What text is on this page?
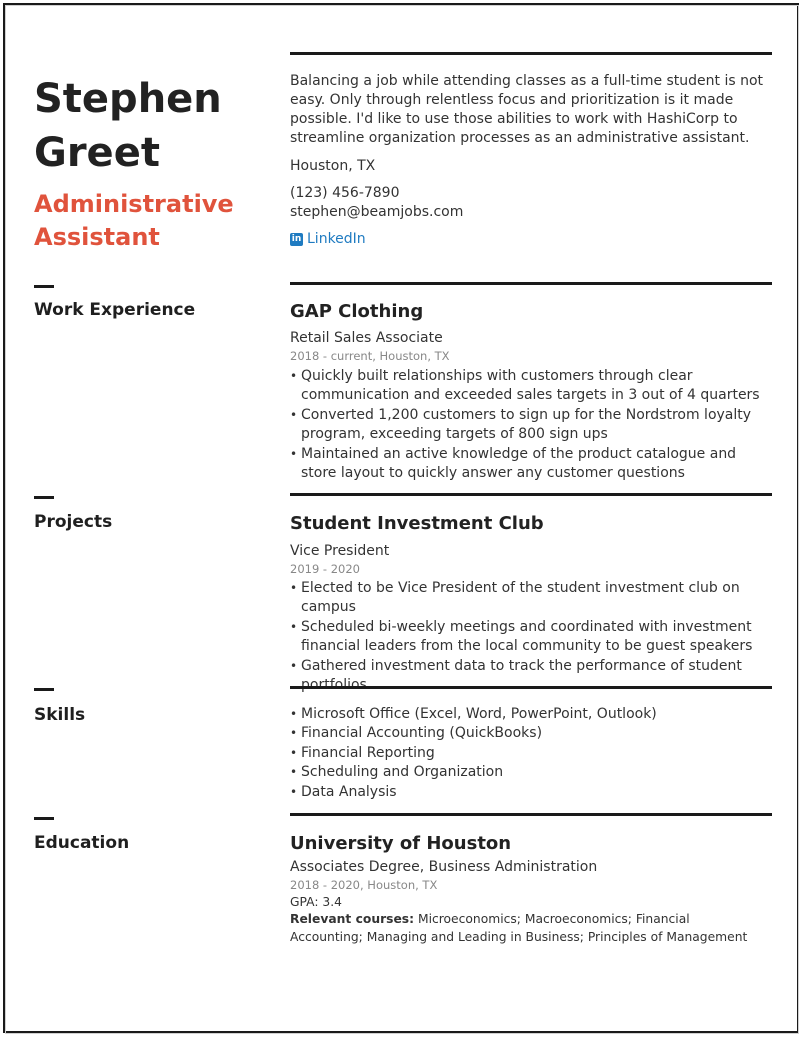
Stephen
Greet
Administrative
Assistant
Balancing a job while attending classes as a full-time student is not easy. Only through relentless focus and prioritization is it made possible. I'd like to use those abilities to work with HashiCorp to streamline organization processes as an administrative assistant.
Houston, TX
(123) 456-7890
stephen@beamjobs.com
in LinkedIn
Work Experience	GAP Clothing
Retail Sales Associate
2018 - current, Houston, TX
• Quickly built relationships with customers through clear communication and exceeded sales targets in 3 out of 4 quarters
• Converted 1,200 customers to sign up for the Nordstrom loyalty program, exceeding targets of 800 sign ups
• Maintained an active knowledge of the product catalogue and store layout to quickly answer any customer questions
Projects	Student Investment Club
Vice President
2019 - 2020
• Elected to be Vice President of the student investment club on campus
• Scheduled bi-weekly meetings and coordinated with investment financial leaders from the local community to be guest speakers
• Gathered investment data to track the performance of student
Skills
•	Microsoft Office (Excel, Word, PowerPoint, Outlook)
• Financial Accounting (QuickBooks)
• Financial Reporting
• Scheduling and Organization
• Data Analysis
Education	University of Houston
Associates Degree, Business Administration
2018 - 2020, Houston, TX
GPA: 3.4
Relevant courses: Microeconomics; Macroeconomics; Financial Accounting; Managing and Leading in Business; Principles of Management
